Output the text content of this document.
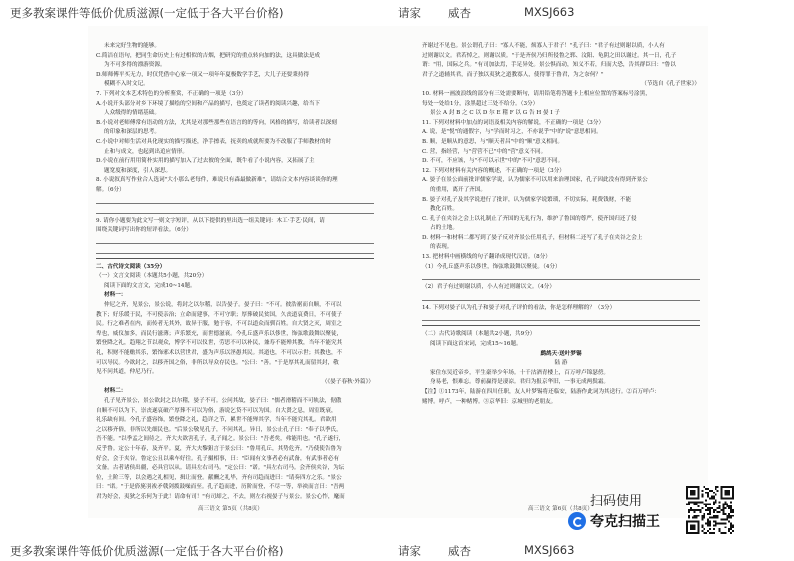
更多教案课件等低价优质滋源(一定低于各大平台价格)	请家 威杏	MXSJ663

未来完好生物的能够。

C.简洁在语句，把同生命历史上有过相似的吉烟，把研究的重点转向加的法，这具做法是成

为不可多得的漂游资源。

D.师师傅平买无力，时仅凭借中心家一项又一项年年夏极数学手艺，大儿子还要秉持得

模糊不入时文记。

7. 下列对文本艺术特色的分析鉴赏，不正确的一项是（3分）

A.小说开头部分对乡下环境了描绘的空间和产品的描写，也奠定了读者的阅读兴趣，给当下

人众级得的情绪基础。

B.小说对老师傅常有语动的方法，尤其是对那些那些在语言的的等向，风格的描写，给读者以深刻

的印象和深层的思考。

C.小说中对师生活对具化现实的描写描述，净手擦表，抚卖的成就所要为不改服了手师教材的时

止和与成文，也起到出追应情形。

D.小说在前行用用简朴实用的描写加入了过去彼的全面，既牛看了小说内容，又拓展了主

题宽度和深度，引人深思。

8. 小说叙真写作业合人选词"大小那么老每件，难说只有森最做新难"，请结合文本内容谈谈你的理

解。（6分）

9. 请你小题要为此文写一则文字短评，从以下提供的里出选一组关键词：木工·手艺·民间，请

围绕关键词写出你的短评看法。（6分）

二、古代诗文阅读（35分）

（一）文言文阅读（本题共5小题，共20分）

阅读下面的文言文，完成10~14题。

材料一：

仲尼之齐，见景公，景公说，将封之以尔稽，以告晏子。晏子曰："不可。彼浩裾而自顺，不可以

教下；好乐缓于民，不可使亲治；立命而建事，不可守职；厚葬破民贫国，久丧道哀费日，不可使子

民。行之难者在内，而传者无其外，故异于服，勉于容，不可以道众而驯百姓。自大贤之灭，周室之

卑也，威仪加多，而民行滋薄；声乐繁充，而世德滋衰。今孔丘盛声乐以侈世，饰弦歌鼓舞以聚徒，

繁登降之礼，趋翔之节以观众，博学不可以仪世，劳思不可以补民，兼寿不能殚其教，当年不能究其

礼，积财不能赡其乐，繁饰邪术以营世君，盛为声乐以淫愚其民。其道也，不可以示世；其教也，不

可以导民。今欲封之，以移齐国之俗，非所以导众存民也。"公曰："善。"于是厚其礼而留其封，敬

见不问其道，仲尼乃行。

（《晏子春秋·外篇》）

材料二：

孔子见齐景公，景公欲封之以尔稽，晏子不可。公问其故，晏子曰："儒者滑稽而不可轨法，倨傲

自顺不可以为下，崇丧遂哀破产厚葬不可以为俗，游说乞贷不可以为国。自大贤之息，周室既衰，

礼乐缺有间。今孔子盛容饰，繁登降之礼，趋详之节，累世不能殚其学，当年不能究其礼。君欲用

之以移齐俗，非所以先细民也。"后景公敬见孔子，不问其礼。异日，景公止孔子曰："奉子以季氏，

吾不能。"以季孟之间待之。齐大夫欲害孔子，孔子闻之。景公曰："吾老矣，弗能用也。"孔子遂行，

反乎鲁。定公十年春，及齐平。夏，齐大夫黎鉏言于景公曰："鲁用孔丘，其势危齐。"乃使使告鲁为

好会，会于夹谷。鲁定公且以乘车好往。孔子摄相事，曰："臣闻有文事者必有武备，有武事者必有

文备。古者诸侯出疆，必具官以从。请具左右司马。"定公曰："诺。"具左右司马。会齐侯夹谷，为坛

位，土阶三等，以会遇之礼相见，揖让而登。献酬之礼毕，齐有司趋而进曰："请奏四方之乐。"景公

曰："诺。"于是旍旄羽袚矛戟剑拨鼓噪而至。孔子趋而进，历阶而登，不尽一等，举袂而言曰："吾两

君为好会，夷狄之乐何为于此！请命有司！"有司却之，不去，则左右视晏子与景公。景公心怍，麾而

齐谢过不见也。景公谓孔子曰："寡人不能，烦寡人于君子！"孔子曰："君子有过则谢以质，小人有

过则谢以文。君若悼之，则谢以质。"于是齐侯乃归所侵鲁之郓、汶阳、龟阴之田以谢过。其一日，孔子

谓："用，国际之兵。"有司加法焉，手足异处。景公惧而动，知义不若，归而大恐，告其群臣曰："鲁以

君子之道辅其君，而子独以夷狄之道教寡人，使得罪于鲁君，为之奈何？"

（节选自《孔子世家》）

10. 材料一画波浪线的部分有三处需要断句，请用铅笔将答题卡上相应位置的答案标号涂黑，

每处一处给1分，涂黑超过三处不给分。（3分）

景公 A 封 B 之 C 以 D 尔 E 稽 F 以 G 告 H 晏 I 子

11. 下列对材料中加点的词语及相关内容的解说，不正确的一项是（3分）

A. 说，是"悦"的通假字，与"学而时习之，不亦说乎"中的"说"意思相同。

B. 顺，是顺从的意思，与"顺天者昌"中的"顺"意义相同。

C. 营，指经营，与"营营不已"中的"营"意义不同。

D. 不可，不应该，与"不可以示世"中的"不可"意思不同。

12. 下列对材料有关内容的概述，不正确的一项是（3分）

A. 晏子在景公面前批评儒家学说，认为儒家不可以用来治理国家，孔子因此没有得到齐景公

的重用，离开了齐国。

B. 晏子对孔子及其学说进行了批评，认为儒家学说繁琐，不切实际，耗费钱财，不能

教化百姓。

C. 孔子在夹谷之会上以礼制止了齐国的无礼行为，维护了鲁国的尊严，使齐国归还了侵

占的土地。

D. 材料一和材料二都写到了晏子反对齐景公任用孔子，但材料二还写了孔子在夹谷之会上

的表现。

13. 把材料中画横线的句子翻译成现代汉语。（8分）

（1）今孔丘盛声乐以侈世，饰弦歌鼓舞以聚徒。（4分）

（2）君子有过则谢以质，小人有过则谢以文。（4分）

14. 下列对晏子认为孔子和晏子对孔子评价的看法，你是怎样理解的？（3分）

（二）古代诗歌阅读（本题共2小题，共9分）

阅读下面这首宋词，完成15~16题。

鹧鸪天·送叶梦锡

陆 游

家住东吴近帝乡，平生豪举少年场。十千沽酒青楼上，百万呼卢锦瑟傍。

身易老，恨难忘。尊前赢得是凄凉。君归为报京华旧，一事无成两鬓霜。

【注】①1173年，陆游在四川任职，友人叶梦锡将还临安，陆游作此词为其送行。②百万呼卢：

赌博。呼卢，一种赌博。③京华旧：京城里的老朋友。

高三语文 第5页（共8页）	高三语文 第6页（共8页）
扫码使用
夸克扫描王
更多教案课件等低价优质滋源(一定低于各大平台价格)	请家 威杏	MXSJ663
